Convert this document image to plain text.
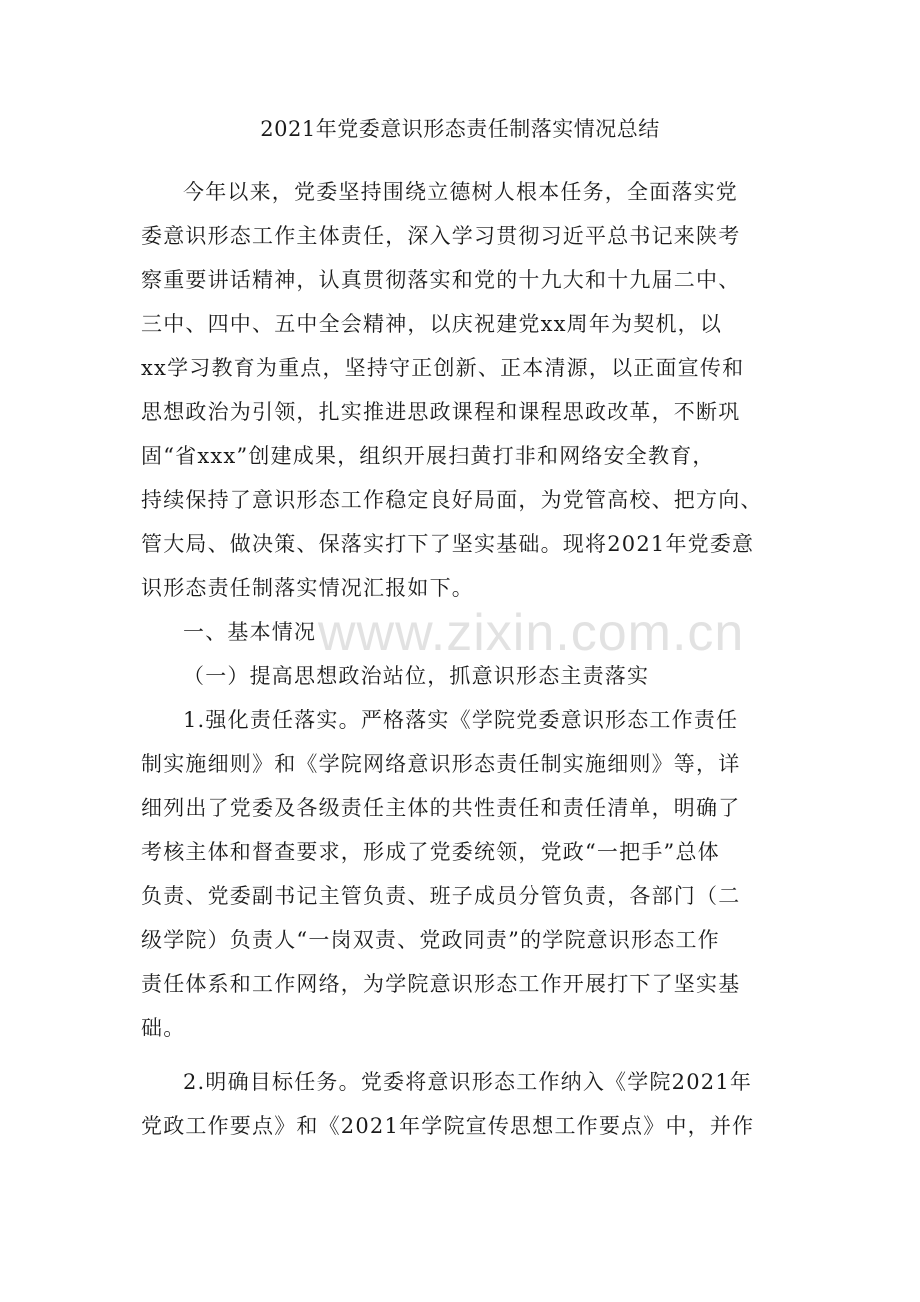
2021年党委意识形态责任制落实情况总结
今年以来，党委坚持围绕立德树人根本任务，全面落实党
委意识形态工作主体责任，深入学习贯彻习近平总书记来陕考
察重要讲话精神，认真贯彻落实和党的十九大和十九届二中、
三中、四中、五中全会精神，以庆祝建党xx周年为契机，以
xx学习教育为重点，坚持守正创新、正本清源，以正面宣传和
思想政治为引领，扎实推进思政课程和课程思政改革，不断巩
固“省xxx”创建成果，组织开展扫黄打非和网络安全教育，
持续保持了意识形态工作稳定良好局面，为党管高校、把方向、
管大局、做决策、保落实打下了坚实基础。现将2021年党委意
识形态责任制落实情况汇报如下。
一、基本情况
（一）提高思想政治站位，抓意识形态主责落实
1.强化责任落实。严格落实《学院党委意识形态工作责任
制实施细则》和《学院网络意识形态责任制实施细则》等，详
细列出了党委及各级责任主体的共性责任和责任清单，明确了
考核主体和督查要求，形成了党委统领，党政“一把手”总体
负责、党委副书记主管负责、班子成员分管负责，各部门（二
级学院）负责人“一岗双责、党政同责”的学院意识形态工作
责任体系和工作网络，为学院意识形态工作开展打下了坚实基
础。
2.明确目标任务。党委将意识形态工作纳入《学院2021年
党政工作要点》和《2021年学院宣传思想工作要点》中，并作
www.zixin.com.cn
